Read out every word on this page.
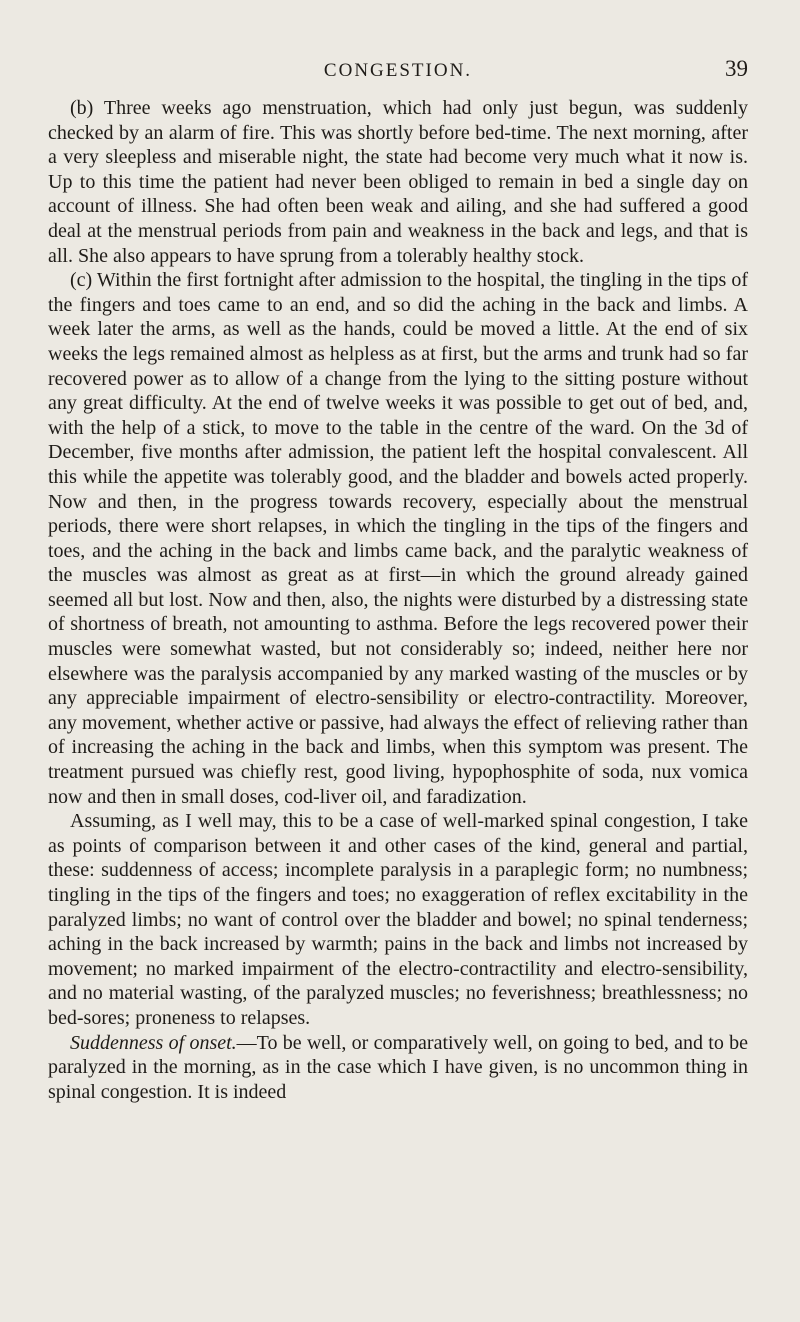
CONGESTION.	39

(b) Three weeks ago menstruation, which had only just begun, was suddenly checked by an alarm of fire. This was shortly before bed-time. The next morning, after a very sleepless and miserable night, the state had become very much what it now is. Up to this time the patient had never been obliged to remain in bed a single day on account of illness. She had often been weak and ailing, and she had suffered a good deal at the menstrual periods from pain and weakness in the back and legs, and that is all. She also appears to have sprung from a tolerably healthy stock.

(c) Within the first fortnight after admission to the hospital, the tingling in the tips of the fingers and toes came to an end, and so did the aching in the back and limbs. A week later the arms, as well as the hands, could be moved a little. At the end of six weeks the legs remained almost as helpless as at first, but the arms and trunk had so far recovered power as to allow of a change from the lying to the sitting posture without any great difficulty. At the end of twelve weeks it was possible to get out of bed, and, with the help of a stick, to move to the table in the centre of the ward. On the 3d of December, five months after admission, the patient left the hospital convalescent. All this while the appetite was tolerably good, and the bladder and bowels acted properly. Now and then, in the progress towards recovery, especially about the menstrual periods, there were short relapses, in which the tingling in the tips of the fingers and toes, and the aching in the back and limbs came back, and the paralytic weakness of the muscles was almost as great as at first—in which the ground already gained seemed all but lost. Now and then, also, the nights were disturbed by a distressing state of shortness of breath, not amounting to asthma. Before the legs recovered power their muscles were somewhat wasted, but not considerably so; indeed, neither here nor elsewhere was the paralysis accompanied by any marked wasting of the muscles or by any appreciable impairment of electro-sensibility or electro-contractility. Moreover, any movement, whether active or passive, had always the effect of relieving rather than of increasing the aching in the back and limbs, when this symptom was present. The treatment pursued was chiefly rest, good living, hypophosphite of soda, nux vomica now and then in small doses, cod-liver oil, and faradization.

Assuming, as I well may, this to be a case of well-marked spinal congestion, I take as points of comparison between it and other cases of the kind, general and partial, these: suddenness of access; incomplete paralysis in a paraplegic form; no numbness; tingling in the tips of the fingers and toes; no exaggeration of reflex excitability in the paralyzed limbs; no want of control over the bladder and bowel; no spinal tenderness; aching in the back increased by warmth; pains in the back and limbs not increased by movement; no marked impairment of the electro-contractility and electro-sensibility, and no material wasting, of the paralyzed muscles; no feverishness; breathlessness; no bed-sores; proneness to relapses.

Suddenness of onset.—To be well, or comparatively well, on going to bed, and to be paralyzed in the morning, as in the case which I have given, is no uncommon thing in spinal congestion. It is indeed
